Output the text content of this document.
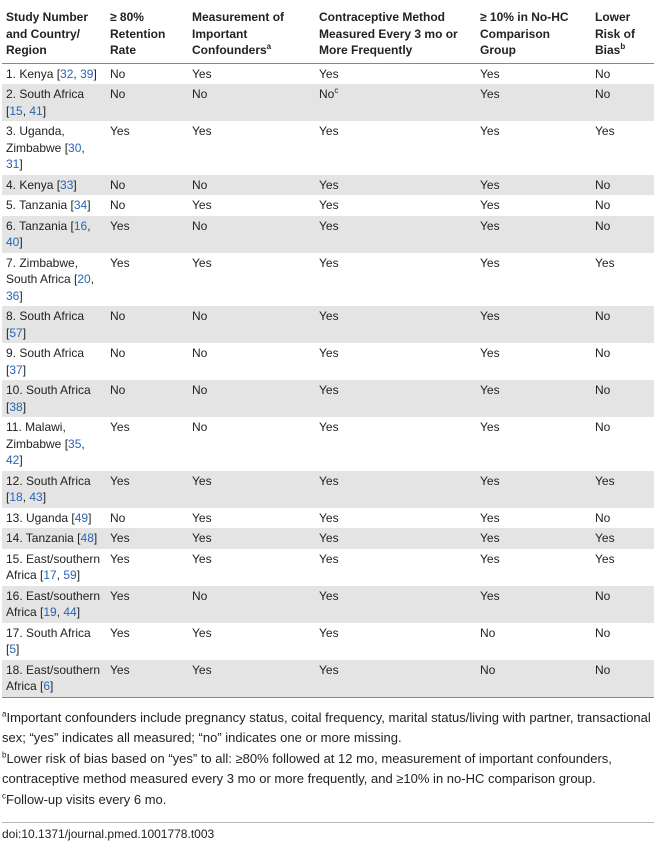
Study Number and Country/ Region	≥ 80% Retention Rate	Measurement of Important Confounders$^a$	Contraceptive Method Measured Every 3 mo or More Frequently	≥ 10% in No-HC Comparison Group	Lower Risk of Bias$^b$
1. Kenya [32, 39]	No	Yes	Yes	Yes	No
2. South Africa [15, 41]	No	No	No$^c$	Yes	No
3. Uganda, Zimbabwe [30, 31]	Yes	Yes	Yes	Yes	Yes
4. Kenya [33]	No	No	Yes	Yes	No
5. Tanzania [34]	No	Yes	Yes	Yes	No
6. Tanzania [16, 40]	Yes	No	Yes	Yes	No
7. Zimbabwe, South Africa [20, 36]	Yes	Yes	Yes	Yes	Yes
8. South Africa [57]	No	No	Yes	Yes	No
9. South Africa [37]	No	No	Yes	Yes	No
10. South Africa [38]	No	No	Yes	Yes	No
11. Malawi, Zimbabwe [35, 42]	Yes	No	Yes	Yes	No
12. South Africa [18, 43]	Yes	Yes	Yes	Yes	Yes
13. Uganda [49]	No	Yes	Yes	Yes	No
14. Tanzania [48]	Yes	Yes	Yes	Yes	Yes
15. East/southern Africa [17, 59]	Yes	Yes	Yes	Yes	Yes
16. East/southern Africa [19, 44]	Yes	No	Yes	Yes	No
17. South Africa [5]	Yes	Yes	Yes	No	No
18. East/southern Africa [6]	Yes	Yes	Yes	No	No

$^a$Important confounders include pregnancy status, coital frequency, marital status/living with partner, transactional sex; “yes” indicates all measured; “no” indicates one or more missing.

$^b$Lower risk of bias based on “yes” to all: ≥80% followed at 12 mo, measurement of important confounders, contraceptive method measured every 3 mo or more frequently, and ≥10% in no-HC comparison group.

$^c$Follow-up visits every 6 mo.

doi:10.1371/journal.pmed.1001778.t003
